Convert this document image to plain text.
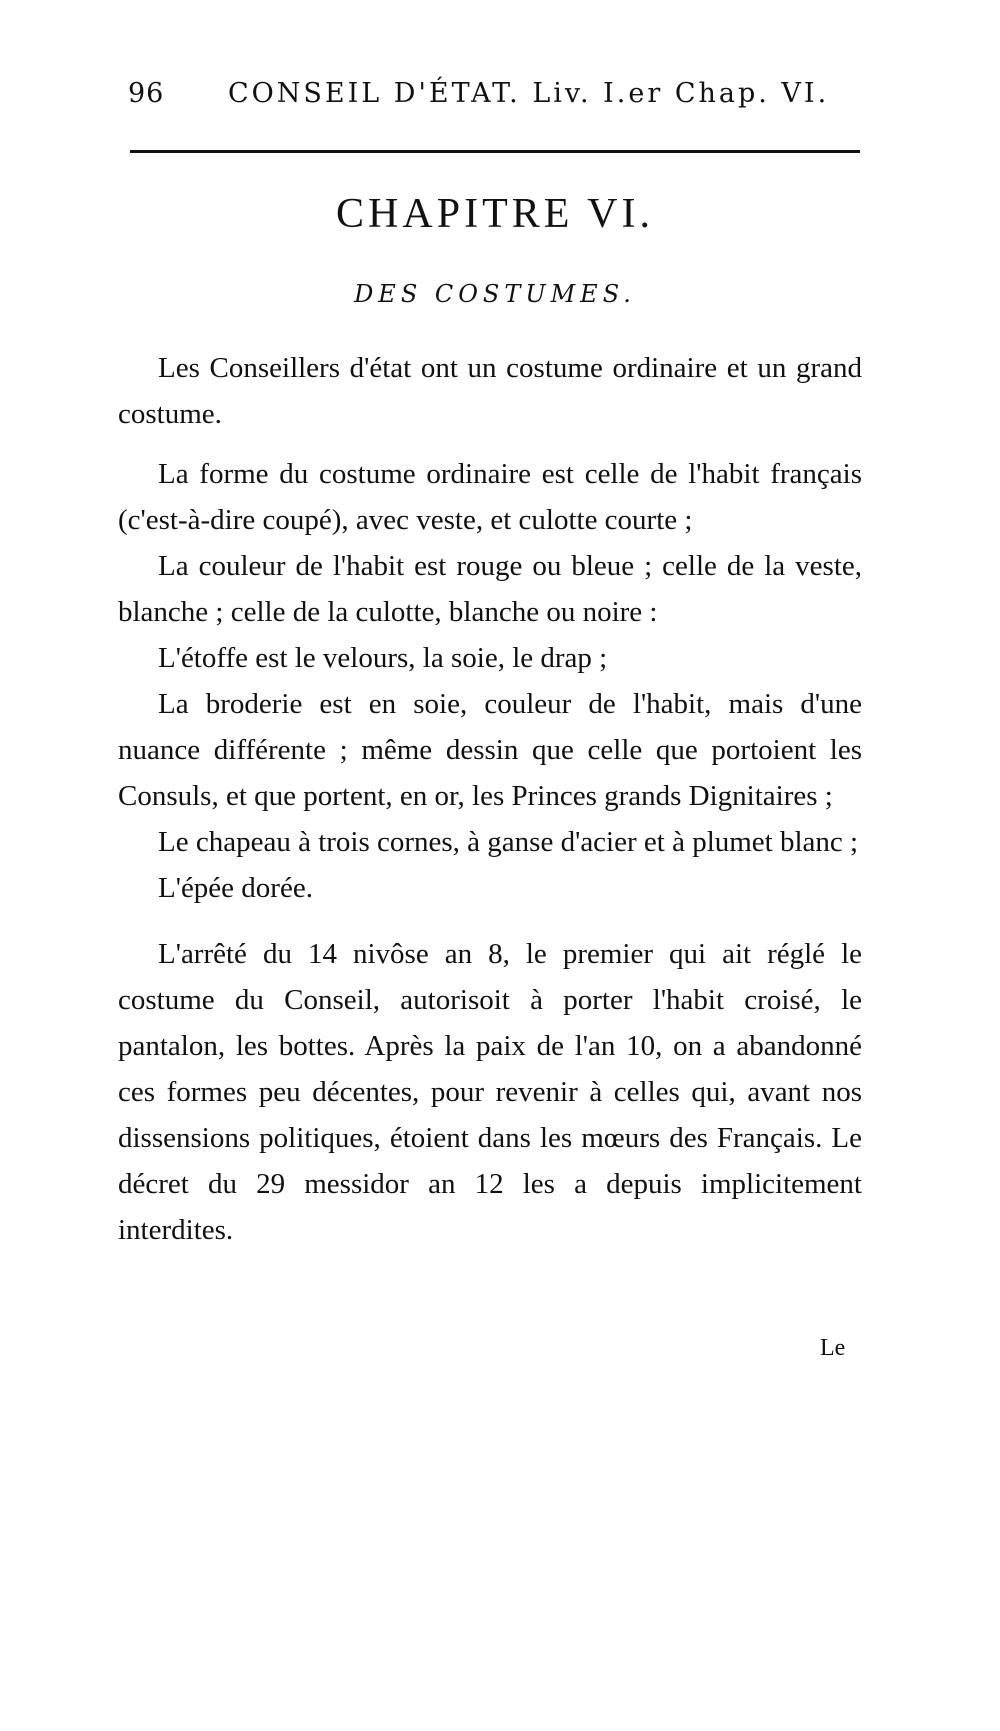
96 CONSEIL D'ÉTAT. Liv. I.er Chap. VI.
CHAPITRE VI.
DES COSTUMES.

Les Conseillers d'état ont un costume ordinaire et un grand costume.

La forme du costume ordinaire est celle de l'habit français (c'est-à-dire coupé), avec veste, et culotte courte ;

La couleur de l'habit est rouge ou bleue ; celle de la veste, blanche ; celle de la culotte, blanche ou noire :

L'étoffe est le velours, la soie, le drap ;

La broderie est en soie, couleur de l'habit, mais d'une nuance différente ; même dessin que celle que portoient les Consuls, et que portent, en or, les Princes grands Dignitaires ;

Le chapeau à trois cornes, à ganse d'acier et à plumet blanc ;

L'épée dorée.

L'arrêté du 14 nivôse an 8, le premier qui ait réglé le costume du Conseil, autorisoit à porter l'habit croisé, le pantalon, les bottes. Après la paix de l'an 10, on a abandonné ces formes peu décentes, pour revenir à celles qui, avant nos dissensions politiques, étoient dans les mœurs des Français. Le décret du 29 messidor an 12 les a depuis implicitement interdites.

Le
